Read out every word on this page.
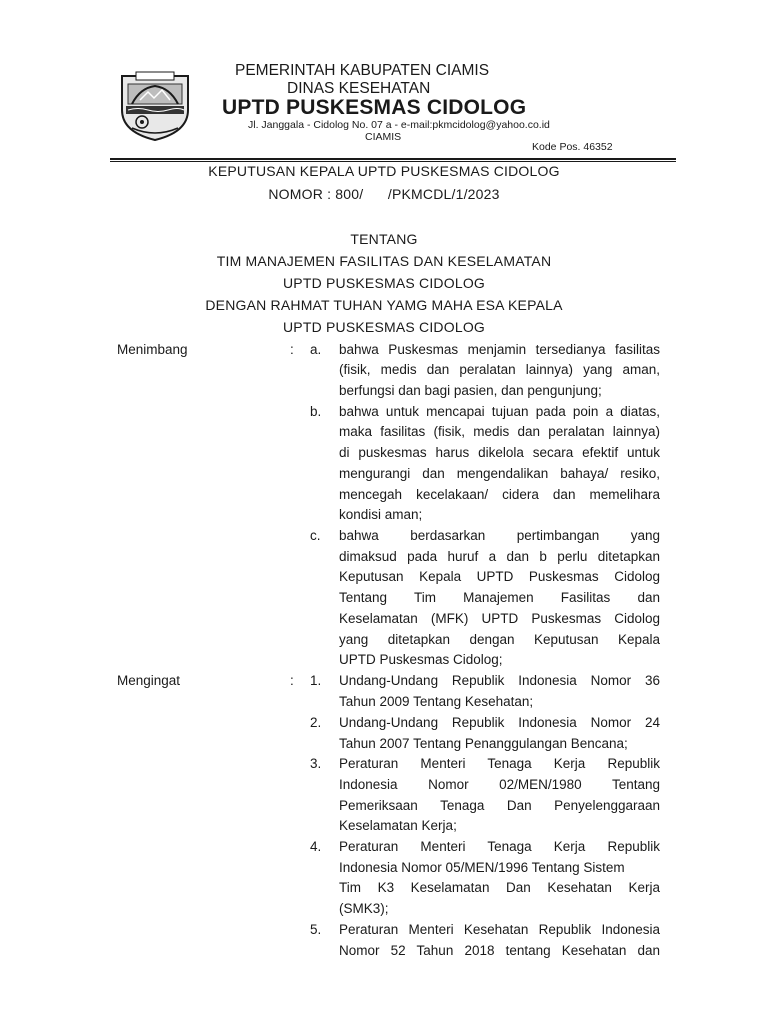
PEMERINTAH KABUPATEN CIAMIS
DINAS KESEHATAN
UPTD PUSKESMAS CIDOLOG
Jl. Janggala - Cidolog No. 07 a - e-mail:pkmcidolog@yahoo.co.id
CIAMIS
Kode Pos. 46352
KEPUTUSAN KEPALA UPTD PUSKESMAS CIDOLOG
NOMOR : 800/      /PKMCDL/1/2023
TENTANG
TIM MANAJEMEN FASILITAS DAN KESELAMATAN
UPTD PUSKESMAS CIDOLOG
DENGAN RAHMAT TUHAN YAMG MAHA ESA KEPALA
UPTD PUSKESMAS CIDOLOG
Menimbang	: a. bahwa Puskesmas menjamin tersedianya fasilitas
(fisik, medis dan peralatan lainnya) yang aman,
berfungsi dan bagi pasien, dan pengunjung;
b. bahwa untuk mencapai tujuan pada poin a diatas,
maka fasilitas (fisik, medis dan peralatan lainnya)
di puskesmas harus dikelola secara efektif untuk
mengurangi dan mengendalikan bahaya/ resiko,
mencegah kecelakaan/ cidera dan memelihara
kondisi aman;
c. bahwa berdasarkan pertimbangan yang
dimaksud pada huruf a dan b perlu ditetapkan
Keputusan Kepala UPTD Puskesmas Cidolog
Tentang Tim Manajemen Fasilitas dan
Keselamatan (MFK) UPTD Puskesmas Cidolog
yang ditetapkan dengan Keputusan Kepala
UPTD Puskesmas Cidolog;
Mengingat	: 1. Undang-Undang Republik Indonesia Nomor 36
Tahun 2009 Tentang Kesehatan;
2. Undang-Undang Republik Indonesia Nomor 24
Tahun 2007 Tentang Penanggulangan Bencana;
3. Peraturan Menteri Tenaga Kerja Republik
Indonesia Nomor 02/MEN/1980 Tentang
Pemeriksaan Tenaga Dan Penyelenggaraan
Keselamatan Kerja;
4. Peraturan Menteri Tenaga Kerja Republik
Indonesia Nomor 05/MEN/1996 Tentang Sistem
Tim K3 Keselamatan Dan Kesehatan Kerja
(SMK3);
5. Peraturan Menteri Kesehatan Republik Indonesia
Nomor 52 Tahun 2018 tentang Kesehatan dan
